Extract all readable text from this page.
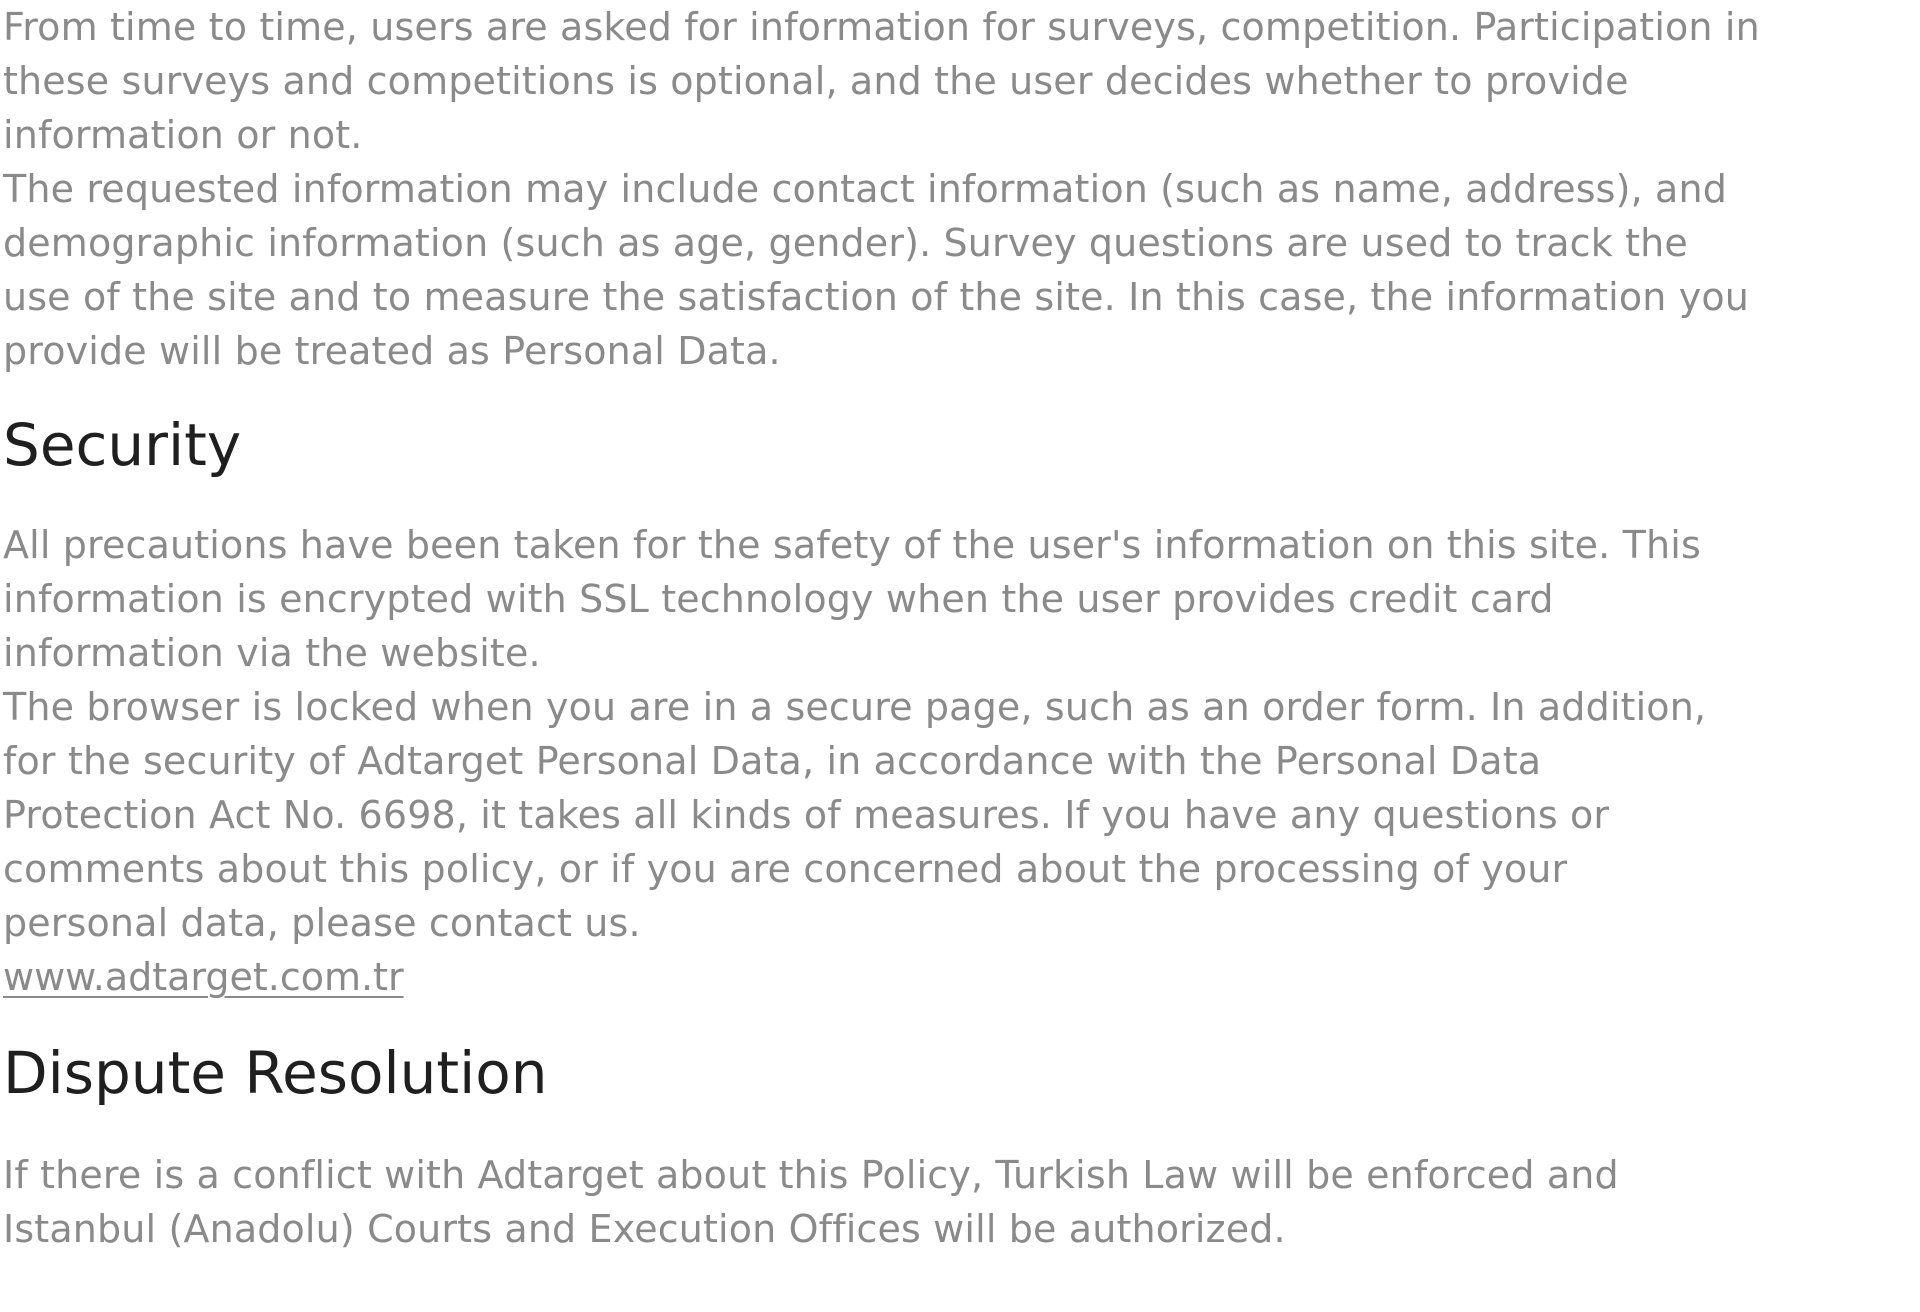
From time to time, users are asked for information for surveys, competition. Participation in
these surveys and competitions is optional, and the user decides whether to provide
information or not.

The requested information may include contact information (such as name, address), and
demographic information (such as age, gender). Survey questions are used to track the
use of the site and to measure the satisfaction of the site. In this case, the information you
provide will be treated as Personal Data.

Security

All precautions have been taken for the safety of the user's information on this site. This
information is encrypted with SSL technology when the user provides credit card
information via the website.

The browser is locked when you are in a secure page, such as an order form. In addition,
for the security of Adtarget Personal Data, in accordance with the Personal Data
Protection Act No. 6698, it takes all kinds of measures. If you have any questions or
comments about this policy, or if you are concerned about the processing of your
personal data, please contact us.

www.adtarget.com.tr
Dispute Resolution

If there is a conflict with Adtarget about this Policy, Turkish Law will be enforced and
Istanbul (Anadolu) Courts and Execution Offices will be authorized.
